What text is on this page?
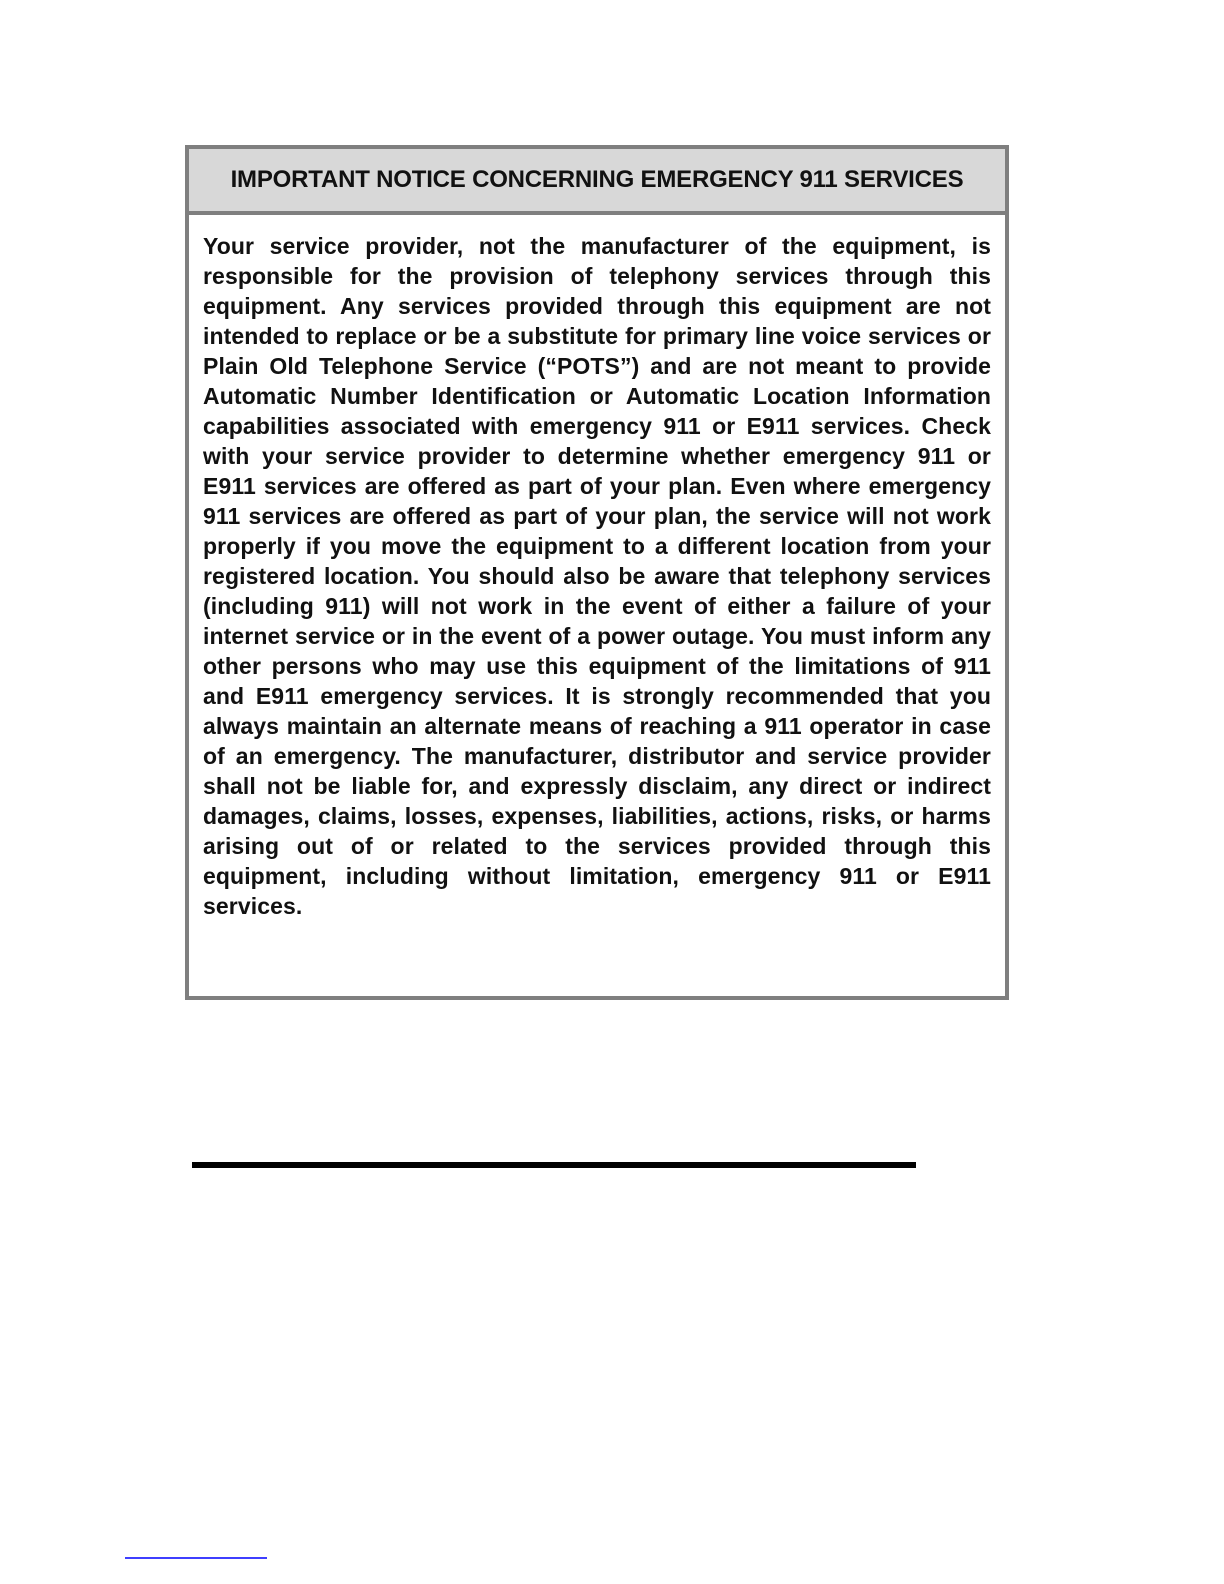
IMPORTANT NOTICE CONCERNING EMERGENCY 911 SERVICES
Your service provider, not the manufacturer of the equipment, is responsible for the provision of telephony services through this equipment. Any services provided through this equipment are not intended to replace or be a substitute for primary line voice services or Plain Old Telephone Service (“POTS”) and are not meant to provide Automatic Number Identification or Automatic Location Information capabilities associated with emergency 911 or E911 services. Check with your service provider to determine whether emergency 911 or E911 services are offered as part of your plan. Even where emergency 911 services are offered as part of your plan, the service will not work properly if you move the equipment to a different location from your registered location. You should also be aware that telephony services (including 911) will not work in the event of either a failure of your internet service or in the event of a power outage. You must inform any other persons who may use this equipment of the limitations of 911 and E911 emergency services. It is strongly recommended that you always maintain an alternate means of reaching a 911 operator in case of an emergency. The manufacturer, distributor and service provider shall not be liable for, and expressly disclaim, any direct or indirect damages, claims, losses, expenses, liabilities, actions, risks, or harms arising out of or related to the services provided through this equipment, including without limitation, emergency 911 or E911 services.
